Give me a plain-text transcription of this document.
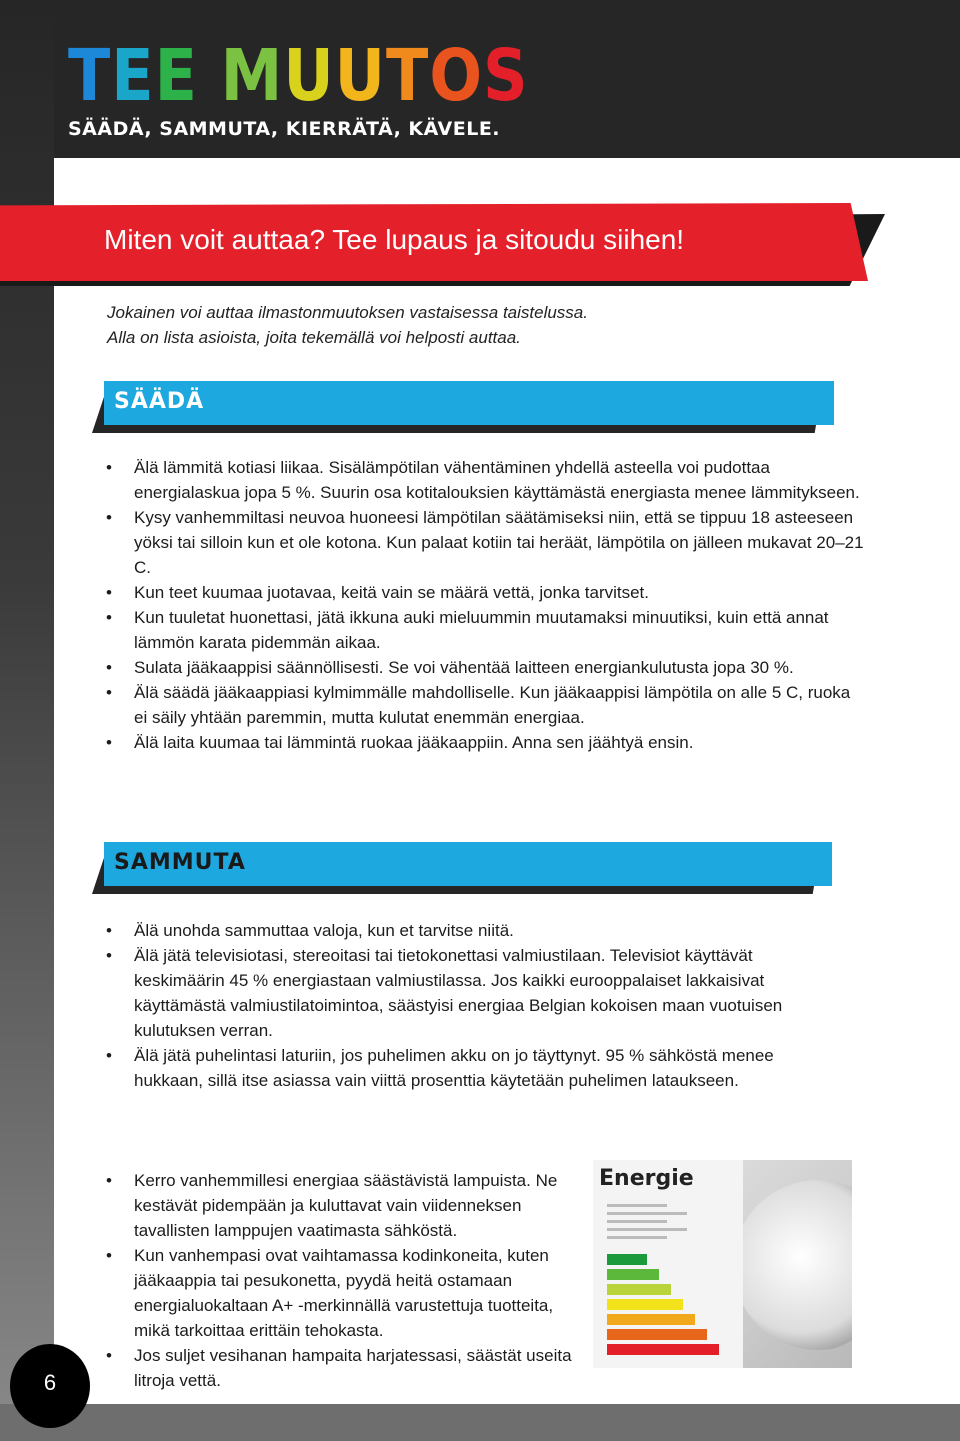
TEE MUUTOS
SÄÄDÄ, SAMMUTA, KIERRÄTÄ, KÄVELE.
Miten voit auttaa? Tee lupaus ja sitoudu siihen!
Jokainen voi auttaa ilmastonmuutoksen vastaisessa taistelussa.
Alla on lista asioista, joita tekemällä voi helposti auttaa.
SÄÄDÄ
• Älä lämmitä kotiasi liikaa. Sisälämpötilan vähentäminen yhdellä asteella voi pudottaa energialaskua jopa 5 %. Suurin osa kotitalouksien käyttämästä energiasta menee lämmitykseen.
• Kysy vanhemmiltasi neuvoa huoneesi lämpötilan säätämiseksi niin, että se tippuu 18 asteeseen yöksi tai silloin kun et ole kotona. Kun palaat kotiin tai heräät, lämpötila on jälleen mukavat 20–21 C.
• Kun teet kuumaa juotavaa, keitä vain se määrä vettä, jonka tarvitset.
• Kun tuuletat huonettasi, jätä ikkuna auki mieluummin muutamaksi minuutiksi, kuin että annat lämmön karata pidemmän aikaa.
• Sulata jääkaappisi säännöllisesti. Se voi vähentää laitteen energiankulutusta jopa 30 %.
• Älä säädä jääkaappiasi kylmimmälle mahdolliselle. Kun jääkaappisi lämpötila on alle 5 C, ruoka ei säily yhtään paremmin, mutta kulutat enemmän energiaa.
• Älä laita kuumaa tai lämmintä ruokaa jääkaappiin. Anna sen jäähtyä ensin.
SAMMUTA
• Älä unohda sammuttaa valoja, kun et tarvitse niitä.
• Älä jätä televisiotasi, stereoitasi tai tietokonettasi valmiustilaan. Televisiot käyttävät keskimäärin 45 % energiastaan valmiustilassa. Jos kaikki eurooppalaiset lakkaisivat käyttämästä valmiustilatoimintoa, säästyisi energiaa Belgian kokoisen maan vuotuisen kulutuksen verran.
• Älä jätä puhelintasi laturiin, jos puhelimen akku on jo täyttynyt. 95 % sähköstä menee hukkaan, sillä itse asiassa vain viittä prosenttia käytetään puhelimen lataukseen.
• Kerro vanhemmillesi energiaa säästävistä lampuista. Ne kestävät pidempään ja kuluttavat vain viidenneksen tavallisten lamppujen vaatimasta sähköstä.
• Kun vanhempasi ovat vaihtamassa kodinkoneita, kuten jääkaappia tai pesukonetta, pyydä heitä ostamaan energialuokaltaan A+ -merkinnällä varustettuja tuotteita, mikä tarkoittaa erittäin tehokasta.
• Jos suljet vesihanan hampaita harjatessasi, säästät useita litroja vettä.
Energie
6
